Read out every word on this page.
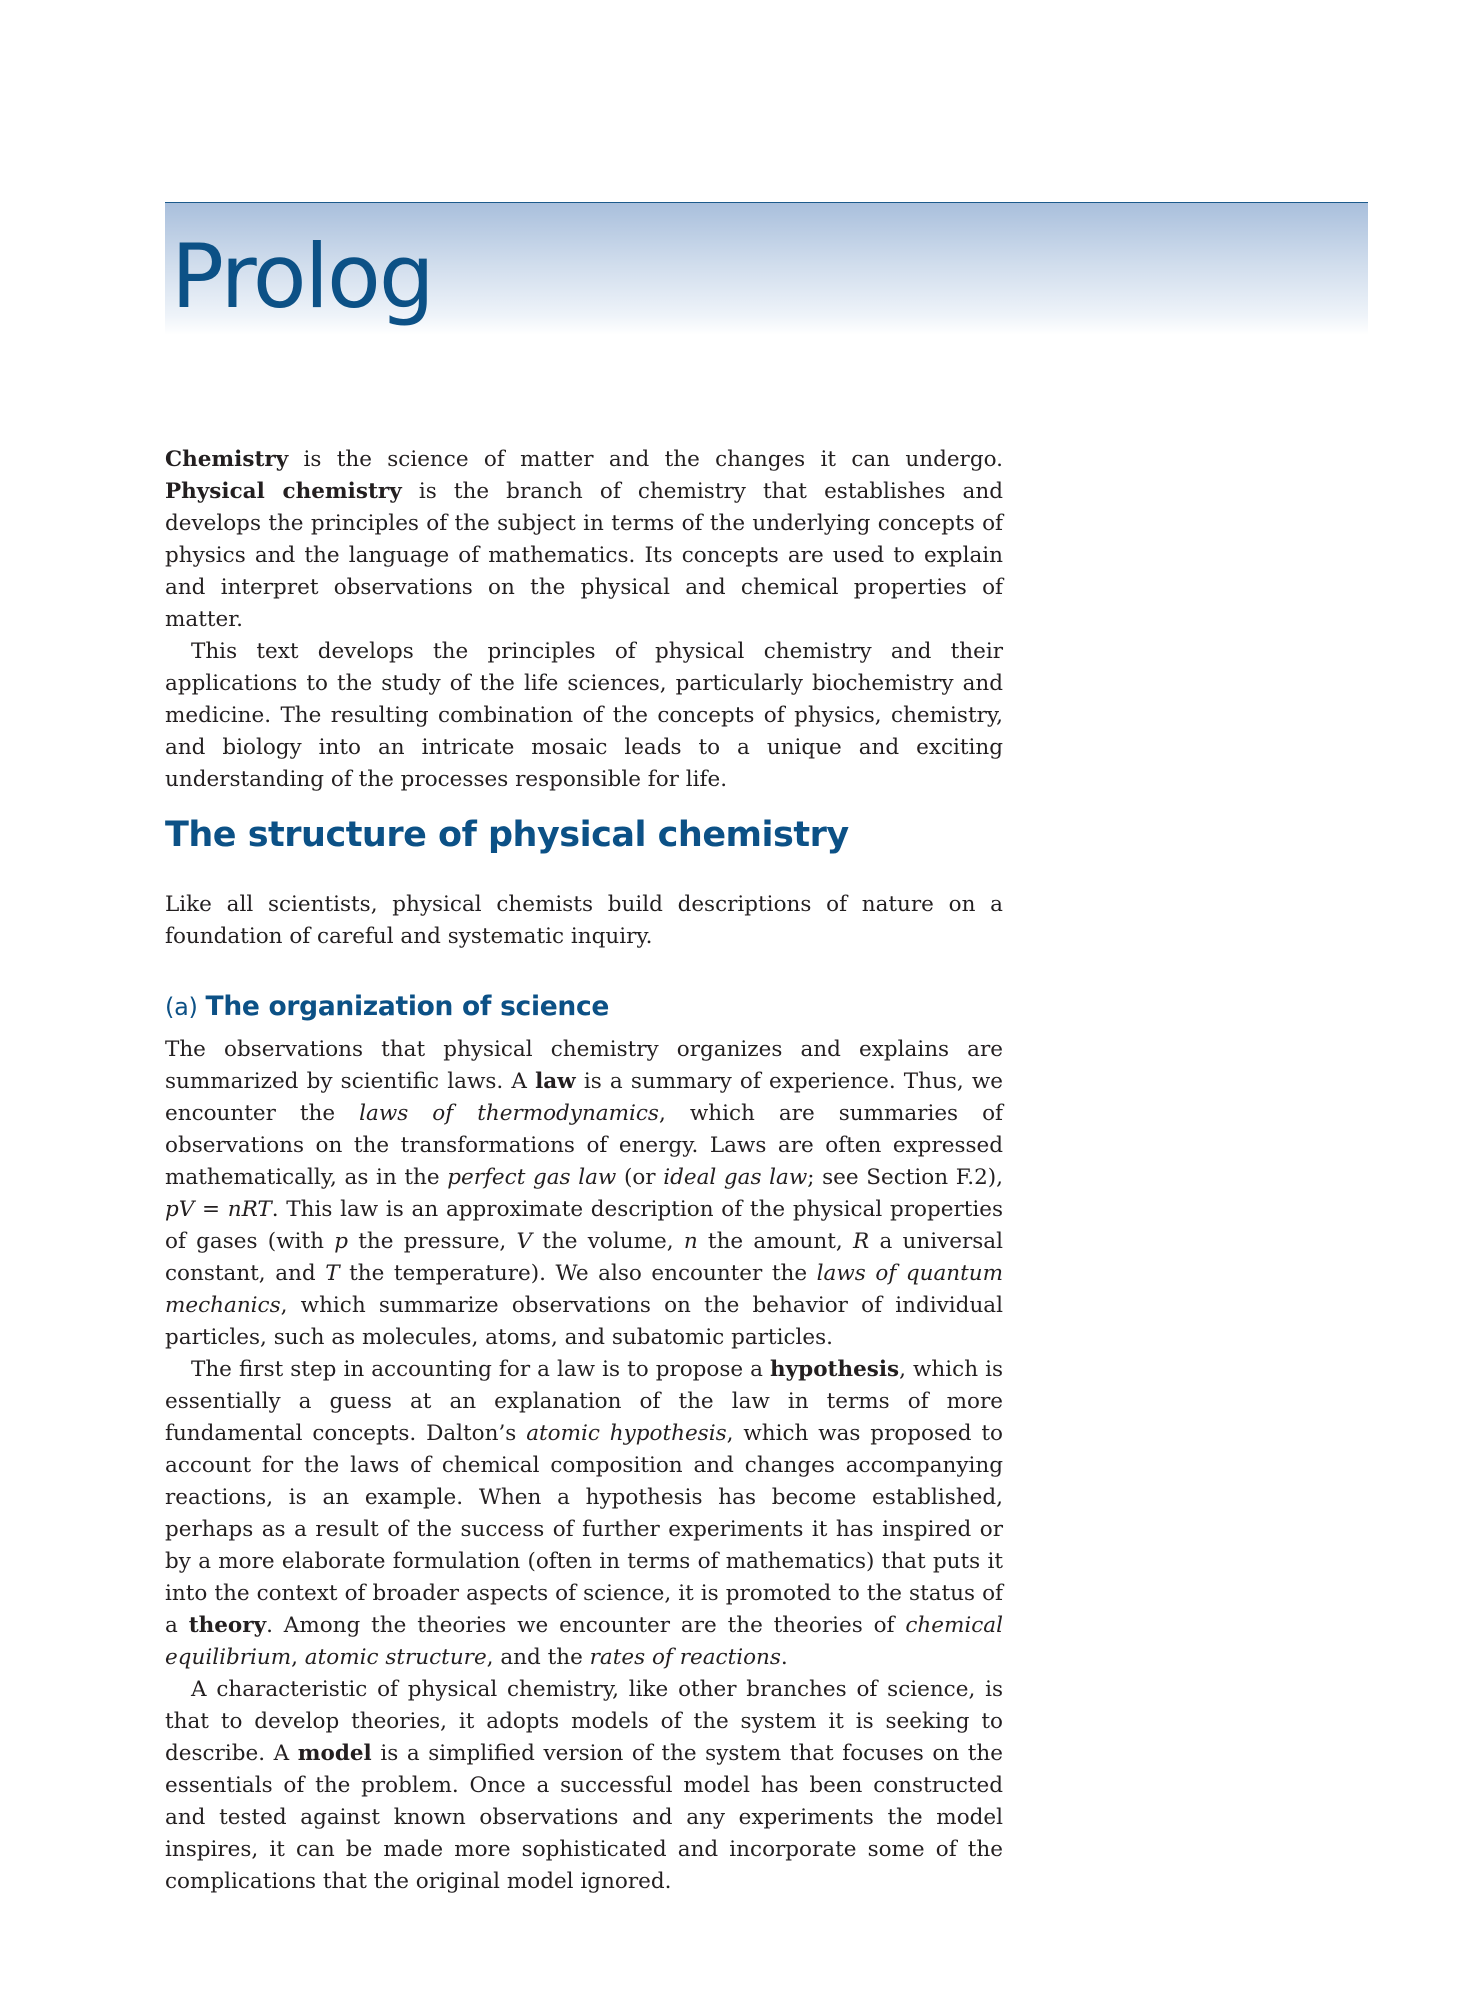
Prolog

Chemistry is the science of matter and the changes it can undergo. Physical chemistry is the branch of chemistry that establishes and develops the principles of the subject in terms of the underlying concepts of physics and the language of mathematics. Its concepts are used to explain and interpret observations on the physical and chemical properties of matter.

This text develops the principles of physical chemistry and their applications to the study of the life sciences, particularly biochemistry and medicine. The resulting combination of the concepts of physics, chemistry, and biology into an intricate mosaic leads to a unique and exciting understanding of the processes responsible for life.

The structure of physical chemistry

Like all scientists, physical chemists build descriptions of nature on a foundation of careful and systematic inquiry.

(a) The organization of science

The observations that physical chemistry organizes and explains are summarized by scientific laws. A law is a summary of experience. Thus, we encounter the laws of thermodynamics, which are summaries of observations on the transformations of energy. Laws are often expressed mathematically, as in the perfect gas law (or ideal gas law; see Section F.2), pV = nRT. This law is an approximate description of the physical properties of gases (with p the pressure, V the volume, n the amount, R a universal constant, and T the temperature). We also encounter the laws of quantum mechanics, which summarize observations on the behavior of individual particles, such as molecules, atoms, and subatomic particles.

The first step in accounting for a law is to propose a hypothesis, which is essentially a guess at an explanation of the law in terms of more fundamental concepts. Dalton’s atomic hypothesis, which was proposed to account for the laws of chemical composition and changes accompanying reactions, is an example. When a hypothesis has become established, perhaps as a result of the success of further experiments it has inspired or by a more elaborate formulation (often in terms of mathematics) that puts it into the context of broader aspects of science, it is promoted to the status of a theory. Among the theories we encounter are the theories of chemical equilibrium, atomic structure, and the rates of reactions.

A characteristic of physical chemistry, like other branches of science, is that to develop theories, it adopts models of the system it is seeking to describe. A model is a simplified version of the system that focuses on the essentials of the problem. Once a successful model has been constructed and tested against known observations and any experiments the model inspires, it can be made more sophisticated and incorporate some of the complications that the original model ignored.
